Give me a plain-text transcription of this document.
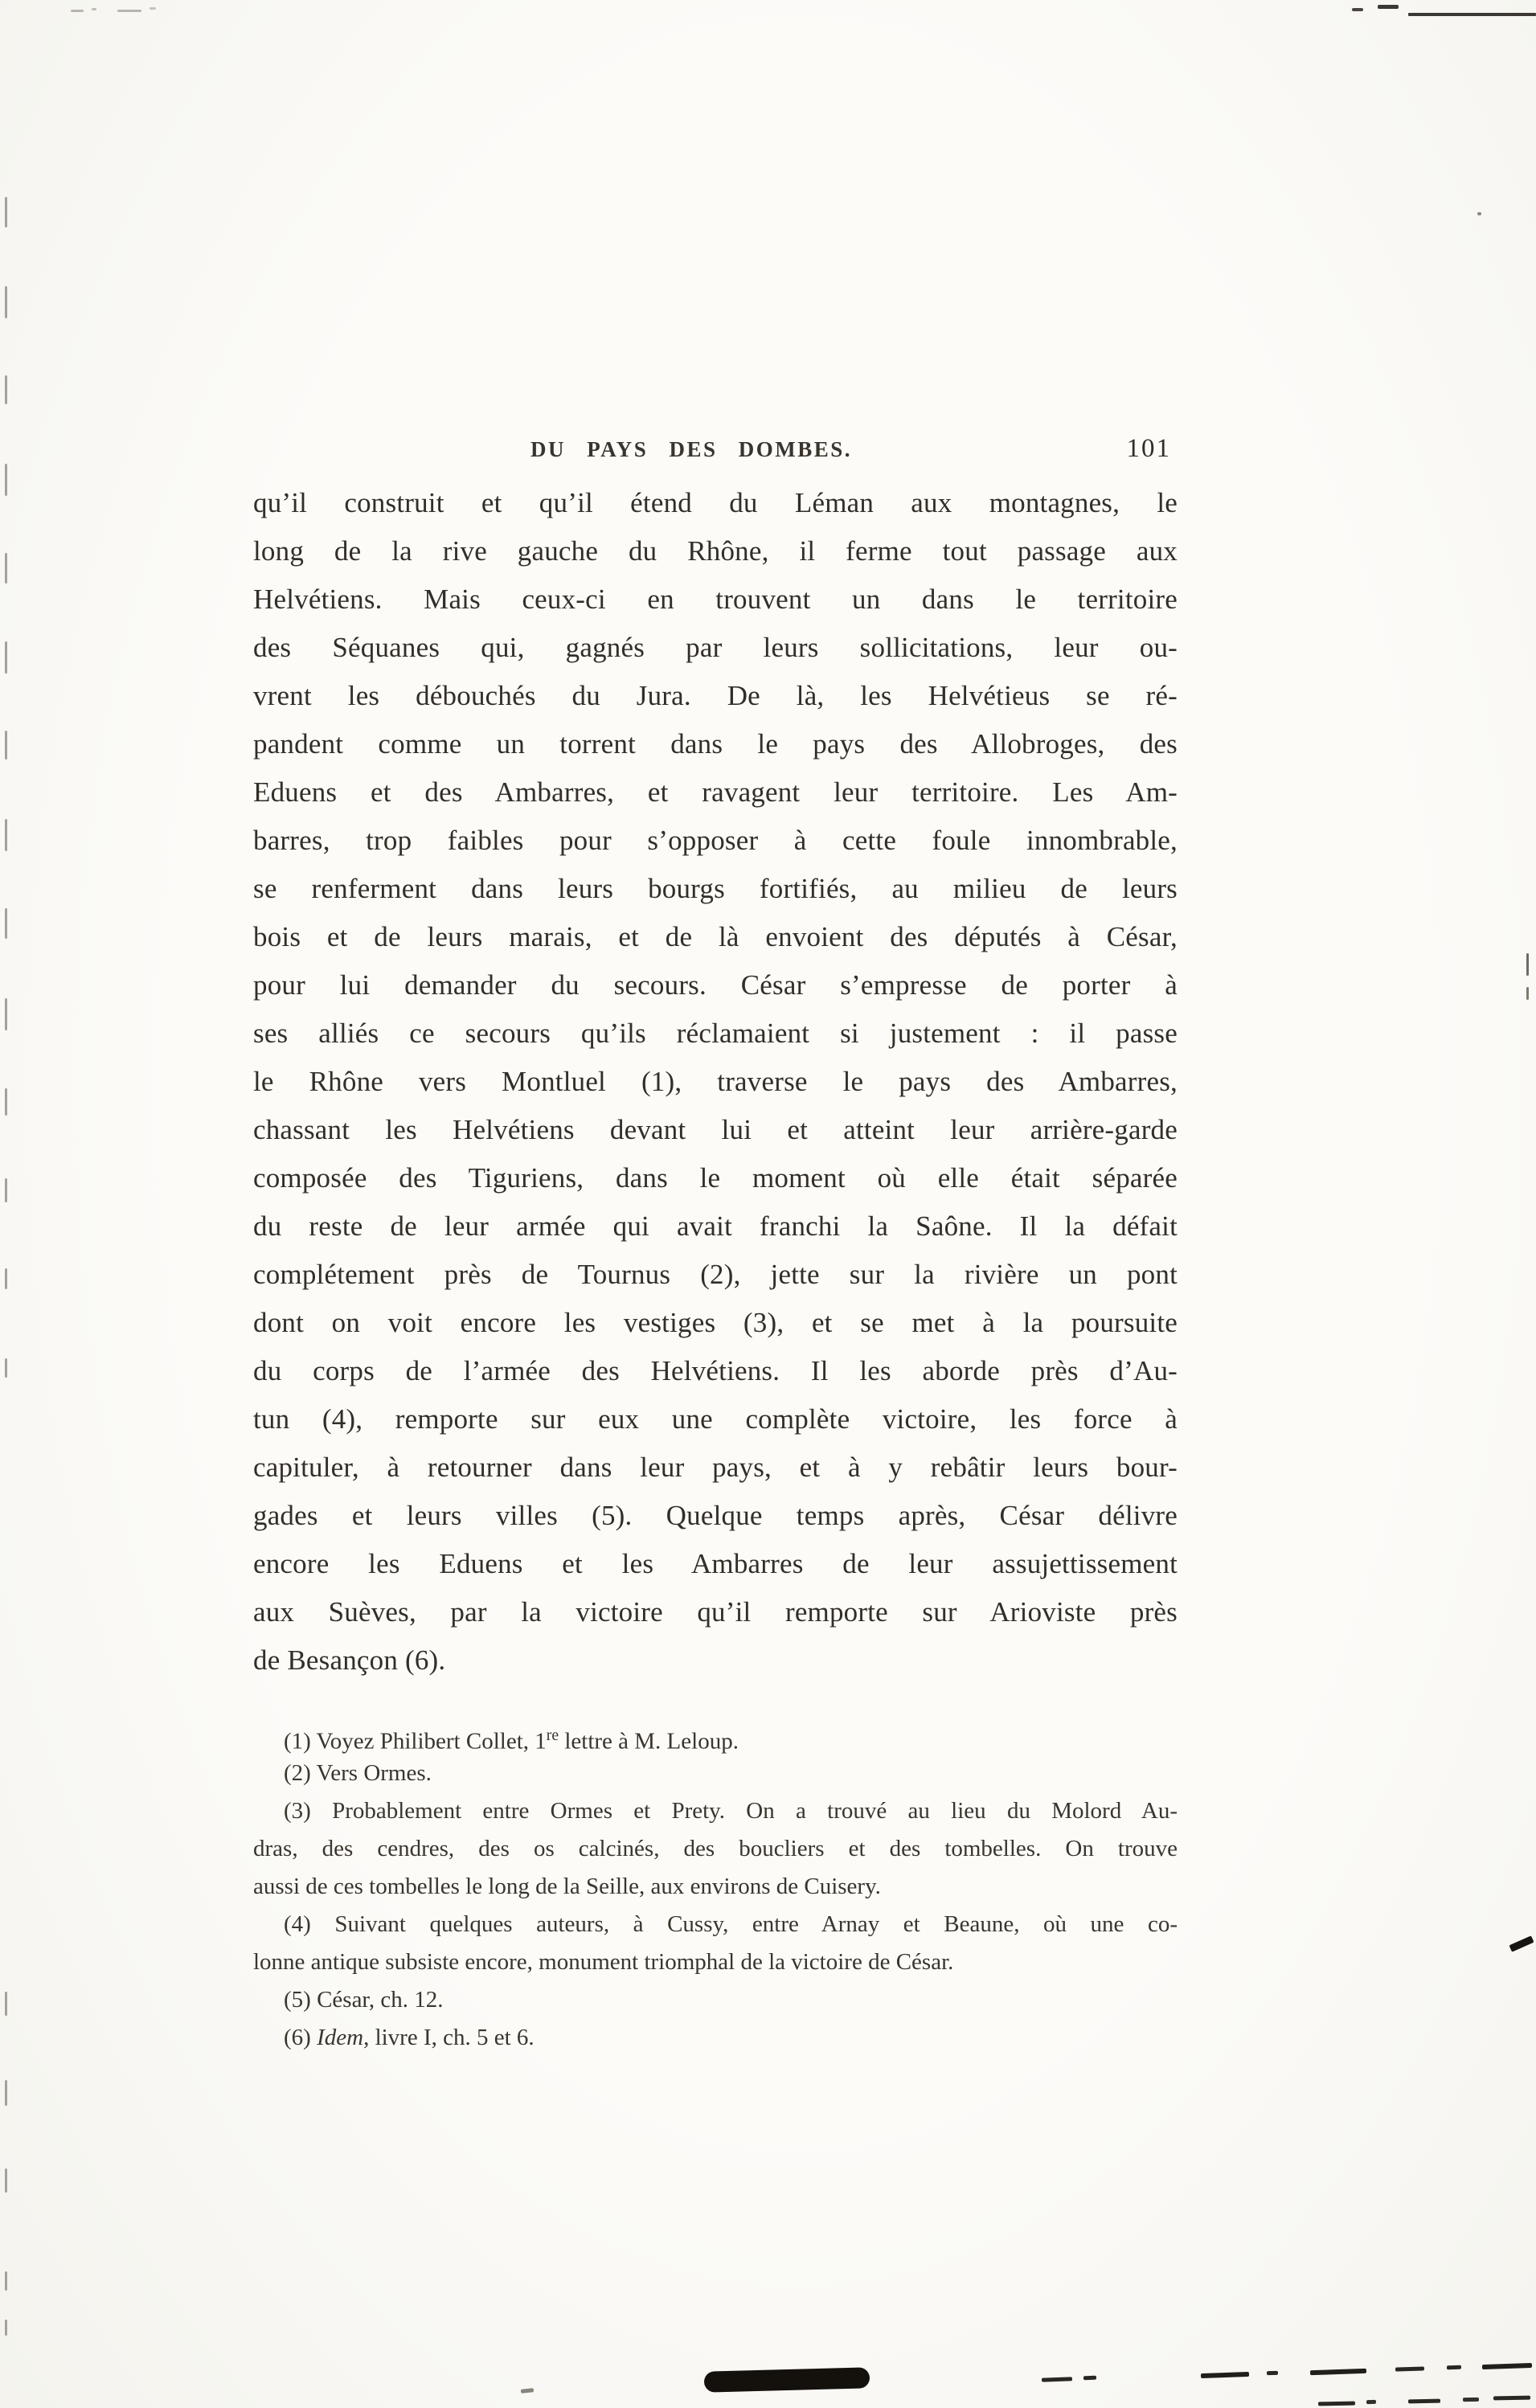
DU PAYS DES DOMBES.	101
qu’il construit et qu’il étend du Léman aux montagnes, le
long de la rive gauche du Rhône, il ferme tout passage aux
Helvétiens. Mais ceux-ci en trouvent un dans le territoire
des Séquanes qui, gagnés par leurs sollicitations, leur ou-
vrent les débouchés du Jura. De là, les Helvétieus se ré-
pandent comme un torrent dans le pays des Allobroges, des
Eduens et des Ambarres, et ravagent leur territoire. Les Am-
barres, trop faibles pour s’opposer à cette foule innombrable,
se renferment dans leurs bourgs fortifiés, au milieu de leurs
bois et de leurs marais, et de là envoient des députés à César,
pour lui demander du secours. César s’empresse de porter à
ses alliés ce secours qu’ils réclamaient si justement : il passe
le Rhône vers Montluel (1), traverse le pays des Ambarres,
chassant les Helvétiens devant lui et atteint leur arrière-garde
composée des Tiguriens, dans le moment où elle était séparée
du reste de leur armée qui avait franchi la Saône. Il la défait
complétement près de Tournus (2), jette sur la rivière un pont
dont on voit encore les vestiges (3), et se met à la poursuite
du corps de l’armée des Helvétiens. Il les aborde près d’Au-
tun (4), remporte sur eux une complète victoire, les force à
capituler, à retourner dans leur pays, et à y rebâtir leurs bour-
gades et leurs villes (5). Quelque temps après, César délivre
encore les Eduens et les Ambarres de leur assujettissement
aux Suèves, par la victoire qu’il remporte sur Arioviste près
de Besançon (6).
(1) Voyez Philibert Collet, 1re lettre à M. Leloup.
(2) Vers Ormes.
(3) Probablement entre Ormes et Prety. On a trouvé au lieu du Molord Au-
dras, des cendres, des os calcinés, des boucliers et des tombelles. On trouve
aussi de ces tombelles le long de la Seille, aux environs de Cuisery.
(4) Suivant quelques auteurs, à Cussy, entre Arnay et Beaune, où une co-
lonne antique subsiste encore, monument triomphal de la victoire de César.
(5) César, ch. 12.
(6) Idem, livre I, ch. 5 et 6.
